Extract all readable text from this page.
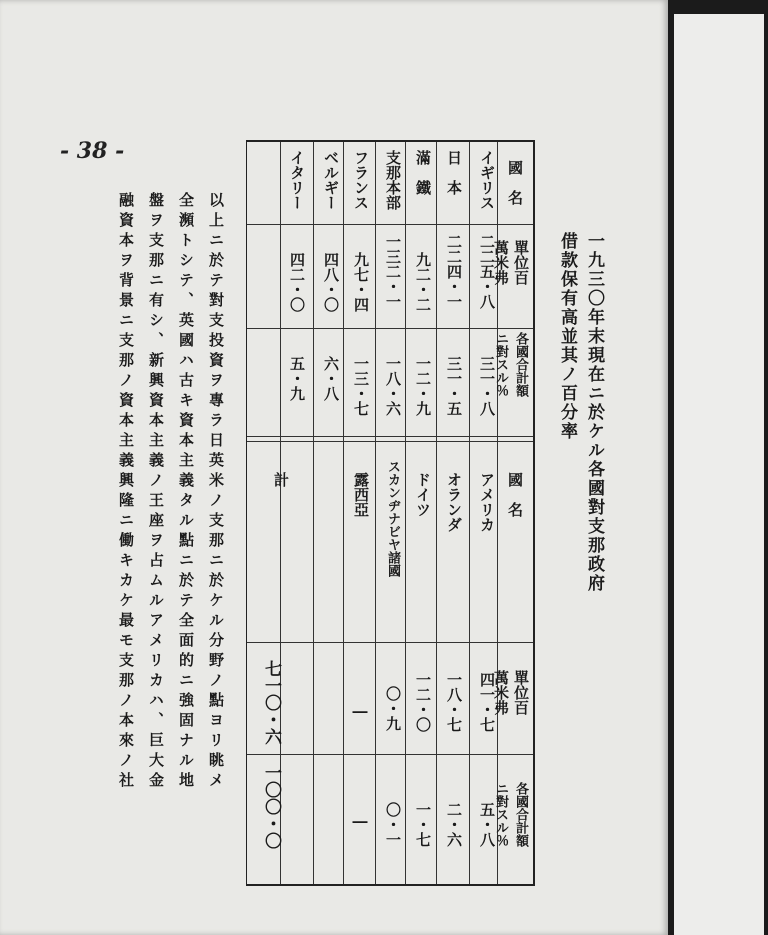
- 38 -
一九三〇年末現在ニ於ケル各國對支那政府
借款保有高並其ノ百分率
國　名
單位百
萬米弗
各國合計額
ニ對スル％
國　名
單位百
萬米弗
各國合計額
ニ對スル％
イギリス
二二五・八
三一・八
日　本
二二四・一
三一・五
滿　鐵
九二・二
一二・九
支那本部
一三二・一
一八・六
フランス
九七・四
一三・七
ベルギー
四八・〇
六・八
イタリー
四二・〇
五・九
アメリカ
四一・七
五・八
オランダ
一八・七
二・六
ドイツ
一二・〇
一・七
スカンヂナビヤ諸國
〇・九
〇・一
露西亞
―
―
計
七一〇・六
一〇〇・〇
以上ニ於テ對支投資ヲ專ラ日英米ノ支那ニ於ケル分野ノ點ヨリ眺メ
全瀕トシテ、英國ハ古キ資本主義タル點ニ於テ全面的ニ強固ナル地
盤ヲ支那ニ有シ、新興資本主義ノ王座ヲ占ムルアメリカハ、巨大金
融資本ヲ背景ニ支那ノ資本主義興隆ニ働キカケ最モ支那ノ本來ノ社
